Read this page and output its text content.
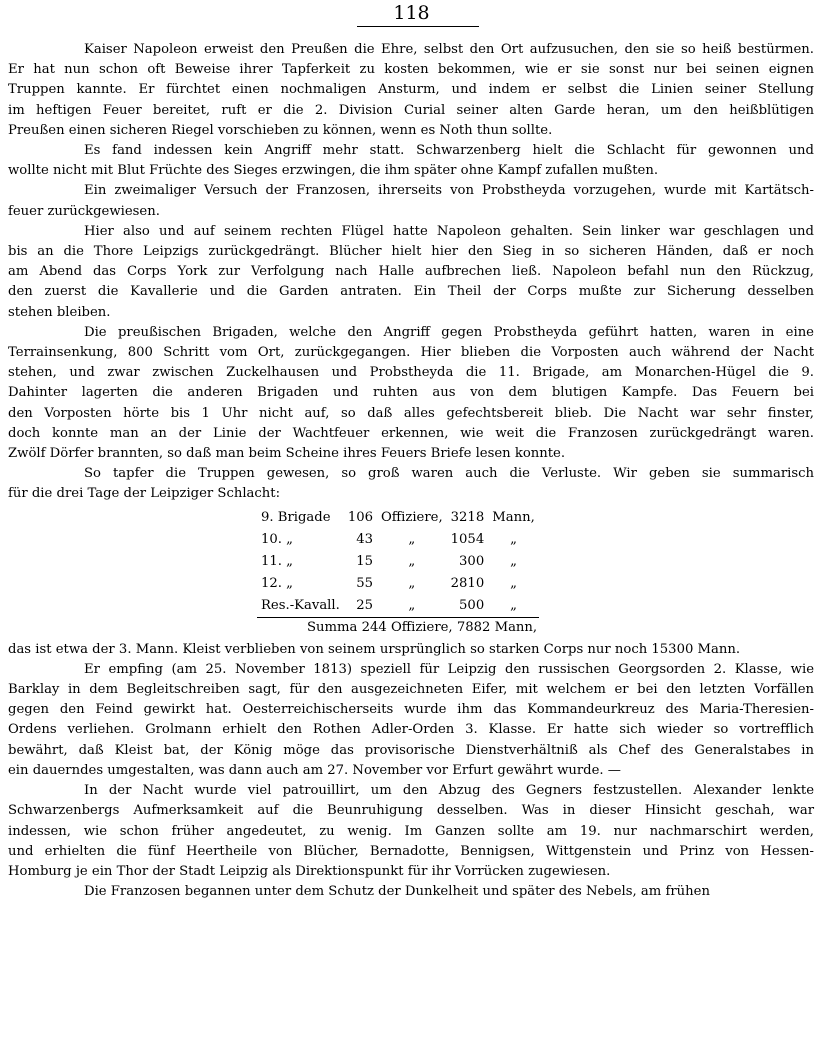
118

Kaiser Napoleon erweist den Preußen die Ehre, selbst den Ort aufzusuchen, den sie so heiß bestürmen.

Er hat nun schon oft Beweise ihrer Tapferkeit zu kosten bekommen, wie er sie sonst nur bei seinen eignen

Truppen kannte. Er fürchtet einen nochmaligen Ansturm, und indem er selbst die Linien seiner Stellung

im heftigen Feuer bereitet, ruft er die 2. Division Curial seiner alten Garde heran, um den heißblütigen

Preußen einen sicheren Riegel vorschieben zu können, wenn es Noth thun sollte.

Es fand indessen kein Angriff mehr statt. Schwarzenberg hielt die Schlacht für gewonnen und

wollte nicht mit Blut Früchte des Sieges erzwingen, die ihm später ohne Kampf zufallen mußten.

Ein zweimaliger Versuch der Franzosen, ihrerseits von Probstheyda vorzugehen, wurde mit Kartätsch-

feuer zurückgewiesen.

Hier also und auf seinem rechten Flügel hatte Napoleon gehalten. Sein linker war geschlagen und

bis an die Thore Leipzigs zurückgedrängt. Blücher hielt hier den Sieg in so sicheren Händen, daß er noch

am Abend das Corps York zur Verfolgung nach Halle aufbrechen ließ. Napoleon befahl nun den Rückzug,

den zuerst die Kavallerie und die Garden antraten. Ein Theil der Corps mußte zur Sicherung desselben

stehen bleiben.

Die preußischen Brigaden, welche den Angriff gegen Probstheyda geführt hatten, waren in eine

Terrainsenkung, 800 Schritt vom Ort, zurückgegangen. Hier blieben die Vorposten auch während der Nacht

stehen, und zwar zwischen Zuckelhausen und Probstheyda die 11. Brigade, am Monarchen-Hügel die 9.

Dahinter lagerten die anderen Brigaden und ruhten aus von dem blutigen Kampfe. Das Feuern bei

den Vorposten hörte bis 1 Uhr nicht auf, so daß alles gefechtsbereit blieb. Die Nacht war sehr finster,

doch konnte man an der Linie der Wachtfeuer erkennen, wie weit die Franzosen zurückgedrängt waren.

Zwölf Dörfer brannten, so daß man beim Scheine ihres Feuers Briefe lesen konnte.

So tapfer die Truppen gewesen, so groß waren auch die Verluste. Wir geben sie summarisch

für die drei Tage der Leipziger Schlacht:

9. Brigade	106	Offiziere,	3218	Mann,
10. „	43	„	1054	„
11. „	15	„	300	„
12. „	55	„	2810	„
Res.-Kavall.	25	„	500	„

Summa 244 Offiziere, 7882 Mann,

das ist etwa der 3. Mann. Kleist verblieben von seinem ursprünglich so starken Corps nur noch 15300 Mann.

Er empfing (am 25. November 1813) speziell für Leipzig den russischen Georgsorden 2. Klasse, wie

Barklay in dem Begleitschreiben sagt, für den ausgezeichneten Eifer, mit welchem er bei den letzten Vorfällen

gegen den Feind gewirkt hat. Oesterreichischerseits wurde ihm das Kommandeurkreuz des Maria-Theresien-

Ordens verliehen. Grolmann erhielt den Rothen Adler-Orden 3. Klasse. Er hatte sich wieder so vortrefflich

bewährt, daß Kleist bat, der König möge das provisorische Dienstverhältniß als Chef des Generalstabes in

ein dauerndes umgestalten, was dann auch am 27. November vor Erfurt gewährt wurde. —

In der Nacht wurde viel patrouillirt, um den Abzug des Gegners festzustellen. Alexander lenkte

Schwarzenbergs Aufmerksamkeit auf die Beunruhigung desselben. Was in dieser Hinsicht geschah, war

indessen, wie schon früher angedeutet, zu wenig. Im Ganzen sollte am 19. nur nachmarschirt werden,

und erhielten die fünf Heertheile von Blücher, Bernadotte, Bennigsen, Wittgenstein und Prinz von Hessen-

Homburg je ein Thor der Stadt Leipzig als Direktionspunkt für ihr Vorrücken zugewiesen.

Die Franzosen begannen unter dem Schutz der Dunkelheit und später des Nebels, am frühen
